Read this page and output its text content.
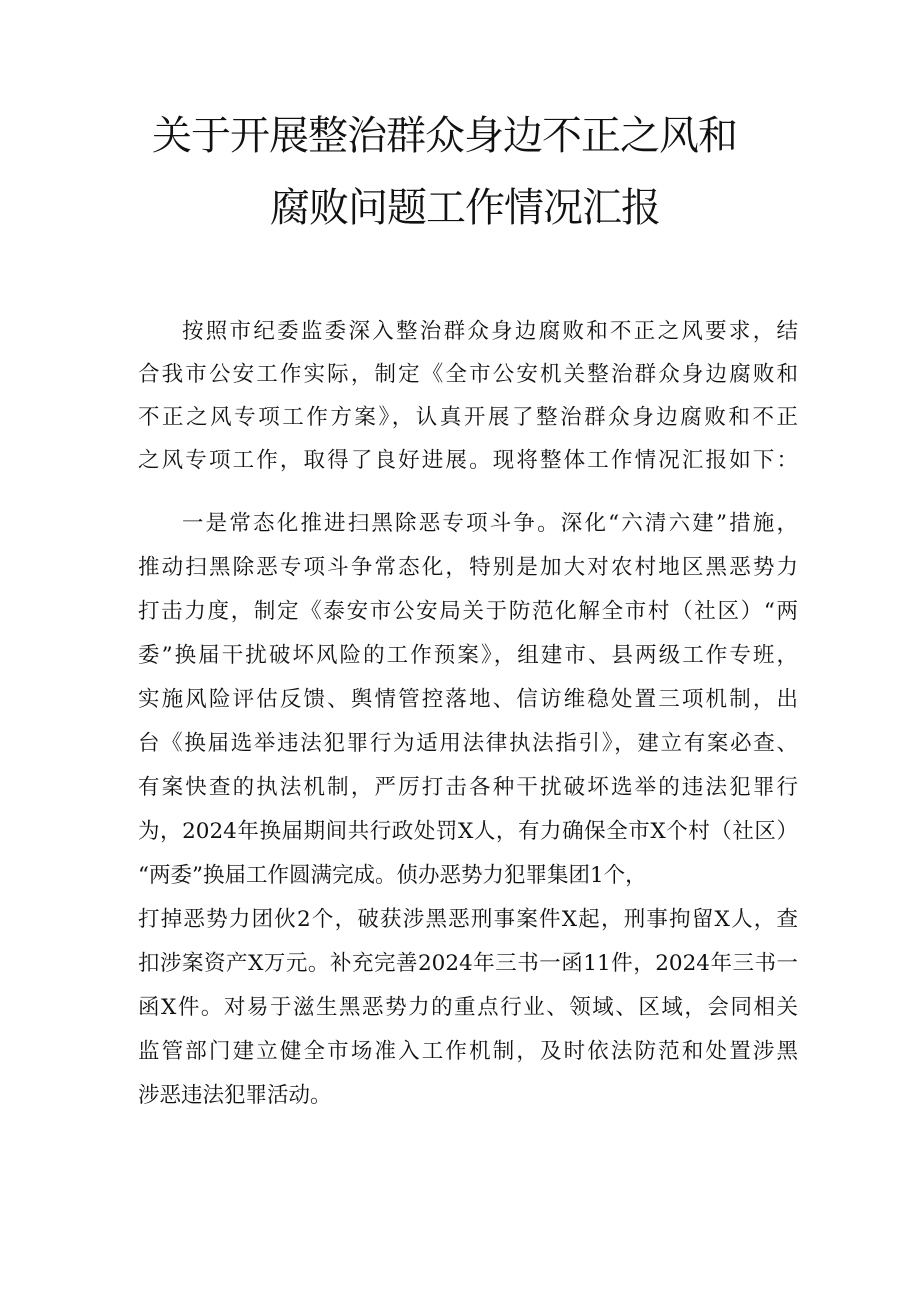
关于开展整治群众身边不正之风和
腐败问题工作情况汇报
按照市纪委监委深入整治群众身边腐败和不正之风要求，结
合我市公安工作实际，制定《全市公安机关整治群众身边腐败和
不正之风专项工作方案》，认真开展了整治群众身边腐败和不正
之风专项工作，取得了良好进展。现将整体工作情况汇报如下：
一是常态化推进扫黑除恶专项斗争。深化“六清六建”措施，
推动扫黑除恶专项斗争常态化，特别是加大对农村地区黑恶势力
打击力度，制定《泰安市公安局关于防范化解全市村（社区）“两
委”换届干扰破坏风险的工作预案》，组建市、县两级工作专班，
实施风险评估反馈、舆情管控落地、信访维稳处置三项机制，出
台《换届选举违法犯罪行为适用法律执法指引》，建立有案必查、
有案快查的执法机制，严厉打击各种干扰破坏选举的违法犯罪行
为，2024年换届期间共行政处罚X人，有力确保全市X个村（社区）
“两委”换届工作圆满完成。侦办恶势力犯罪集团1个，
打掉恶势力团伙2个，破获涉黑恶刑事案件X起，刑事拘留X人，查
扣涉案资产X万元。补充完善2024年三书一函11件，2024年三书一
函X件。对易于滋生黑恶势力的重点行业、领域、区域，会同相关
监管部门建立健全市场准入工作机制，及时依法防范和处置涉黑
涉恶违法犯罪活动。
